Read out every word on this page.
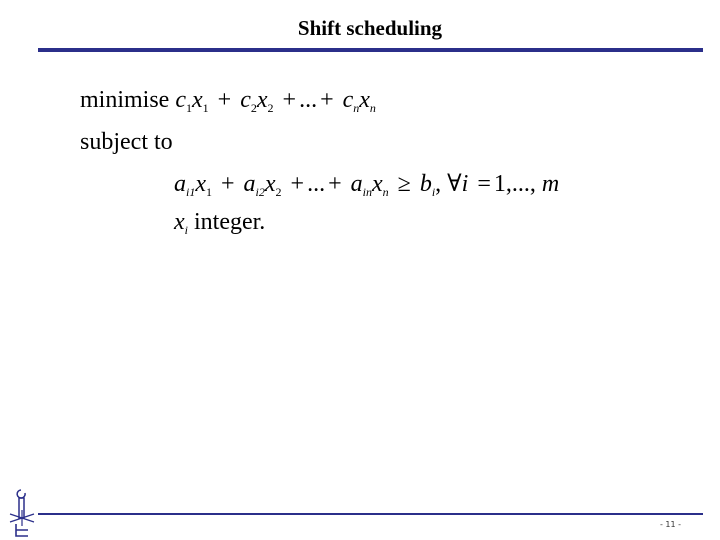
Shift scheduling
minimise $c_1x_1 + c_2x_2$ + ... + $c_nx_n$
subject to
$a_{i1}x_1 + a_{i2}x_2$ + ... + $a_{in}x_n \ge b_i$, ∀i = 1,..., m
$x_i$ integer.
- 11 -
